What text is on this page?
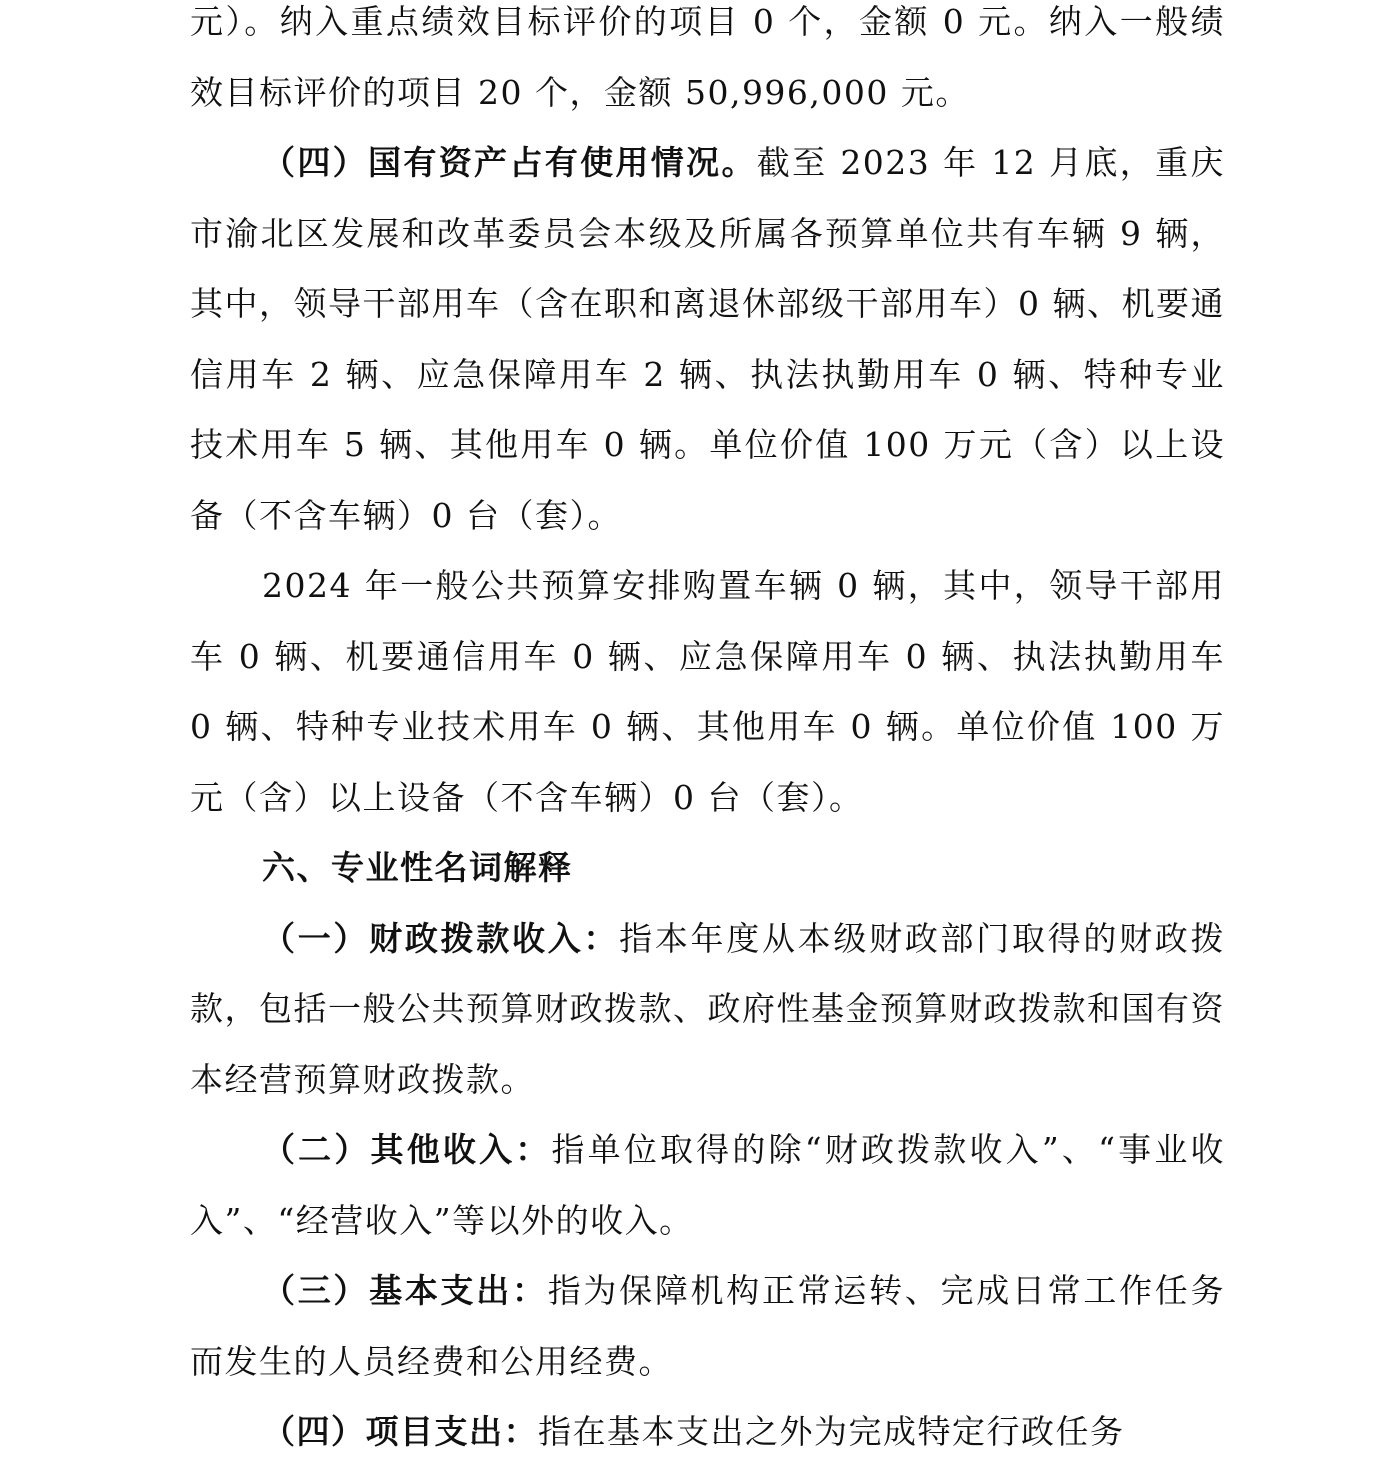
元）。纳入重点绩效目标评价的项目 0 个，金额 0 元。纳入一般绩效目标评价的项目 20 个，金额 50,996,000 元。

（四）国有资产占有使用情况。截至 2023 年 12 月底，重庆市渝北区发展和改革委员会本级及所属各预算单位共有车辆 9 辆，其中，领导干部用车（含在职和离退休部级干部用车）0 辆、机要通信用车 2 辆、应急保障用车 2 辆、执法执勤用车 0 辆、特种专业技术用车 5 辆、其他用车 0 辆。单位价值 100 万元（含）以上设备（不含车辆）0 台（套）。

2024 年一般公共预算安排购置车辆 0 辆，其中，领导干部用车 0 辆、机要通信用车 0 辆、应急保障用车 0 辆、执法执勤用车 0 辆、特种专业技术用车 0 辆、其他用车 0 辆。单位价值 100 万元（含）以上设备（不含车辆）0 台（套）。

六、专业性名词解释

（一）财政拨款收入：指本年度从本级财政部门取得的财政拨款，包括一般公共预算财政拨款、政府性基金预算财政拨款和国有资本经营预算财政拨款。

（二）其他收入：指单位取得的除“财政拨款收入”、“事业收入”、“经营收入”等以外的收入。

（三）基本支出：指为保障机构正常运转、完成日常工作任务而发生的人员经费和公用经费。

（四）项目支出：指在基本支出之外为完成特定行政任务
